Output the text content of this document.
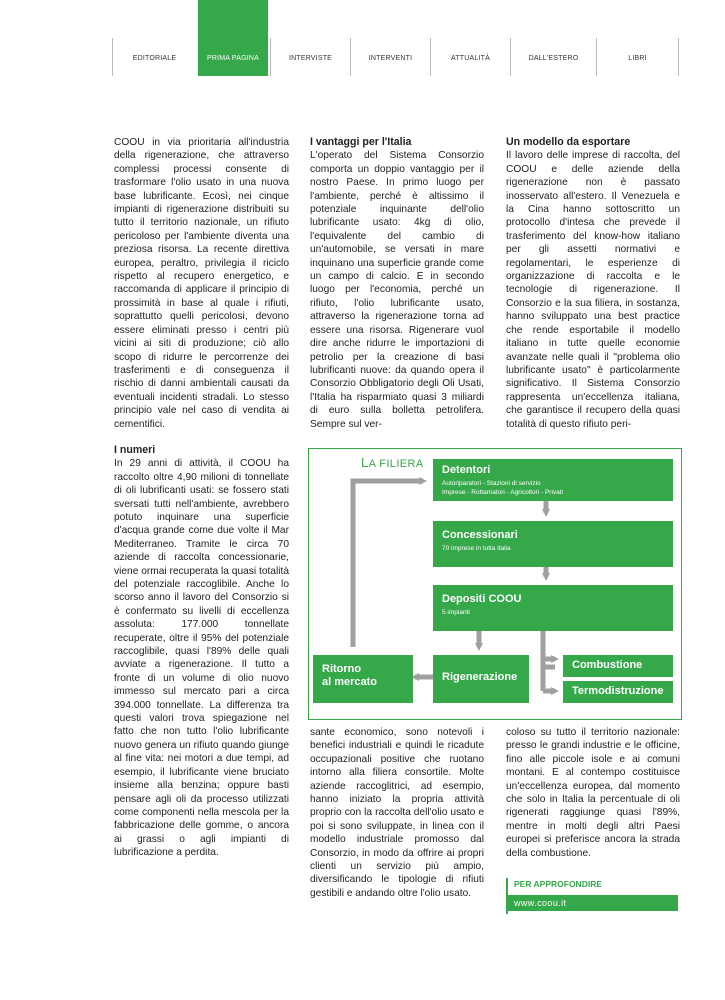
EDITORIALE	PRIMA PAGINA	INTERVISTE	INTERVENTI	ATTUALITÀ	DALL'ESTERO	LIBRI

COOU in via prioritaria all'industria della rigenerazione, che attraverso complessi processi consente di trasformare l'olio usato in una nuova base lubrificante. Ecosì, nei cinque impianti di rigenerazione distribuiti su tutto il territorio nazionale, un rifiuto pericoloso per l'ambiente diventa una preziosa risorsa. La recente direttiva europea, peraltro, privilegia il riciclo rispetto al recupero energetico, e raccomanda di applicare il principio di prossimità in base al quale i rifiuti, soprattutto quelli pericolosi, devono essere eliminati presso i centri più vicini ai siti di produzione; ciò allo scopo di ridurre le percorrenze dei trasferimenti e di conseguenza il rischio di danni ambientali causati da eventuali incidenti stradali. Lo stesso principio vale nel caso di vendita ai cementifici.

I numeri

In 29 anni di attività, il COOU ha raccolto oltre 4,90 milioni di tonnellate di oli lubrificanti usati: se fossero stati sversati tutti nell'ambiente, avrebbero potuto inquinare una superficie d'acqua grande come due volte il Mar Mediterraneo. Tramite le circa 70 aziende di raccolta concessionarie, viene ormai recuperata la quasi totalità del potenziale raccoglibile. Anche lo scorso anno il lavoro del Consorzio si è confermato su livelli di eccellenza assoluta: 177.000 tonnellate recuperate, oltre il 95% del potenziale raccoglibile, quasi l'89% delle quali avviate a rigenerazione. Il tutto a fronte di un volume di olio nuovo immesso sul mercato pari a circa 394.000 tonnellate. La differenza tra questi valori trova spiegazione nel fatto che non tutto l'olio lubrificante nuovo genera un rifiuto quando giunge al fine vita: nei motori a due tempi, ad esempio, il lubrificante viene bruciato insieme alla benzina; oppure basti pensare agli oli da processo utilizzati come componenti nella mescola per la fabbricazione delle gomme, o ancora ai grassi o agli impianti di lubrificazione a perdita.

I vantaggi per l'Italia

L'operato del Sistema Consorzio comporta un doppio vantaggio per il nostro Paese. In primo luogo per l'ambiente, perché è altissimo il potenziale inquinante dell'olio lubrificante usato: 4kg di olio, l'equivalente del cambio di un'automobile, se versati in mare inquinano una superficie grande come un campo di calcio. E in secondo luogo per l'economia, perché un rifiuto, l'olio lubrificante usato, attraverso la rigenerazione torna ad essere una risorsa. Rigenerare vuol dire anche ridurre le importazioni di petrolio per la creazione di basi lubrificanti nuove: da quando opera il Consorzio Obbligatorio degli Oli Usati, l'Italia ha risparmiato quasi 3 miliardi di euro sulla bolletta petrolifera. Sempre sul ver-

sante economico, sono notevoli i benefici industriali e quindi le ricadute occupazionali positive che ruotano intorno alla filiera consortile. Molte aziende raccoglitrici, ad esempio, hanno iniziato la propria attività proprio con la raccolta dell'olio usato e poi si sono sviluppate, in linea con il modello industriale promosso dal Consorzio, in modo da offrire ai propri clienti un servizio più ampio, diversificando le tipologie di rifiuti gestibili e andando oltre l'olio usato.

Un modello da esportare

Il lavoro delle imprese di raccolta, del COOU e delle aziende della rigenerazione non è passato inosservato all'estero. Il Venezuela e la Cina hanno sottoscritto un protocollo d'intesa che prevede il trasferimento del know-how italiano per gli assetti normativi e regolamentari, le esperienze di organizzazione di raccolta e le tecnologie di rigenerazione. Il Consorzio e la sua filiera, in sostanza, hanno sviluppato una best practice che rende esportabile il modello italiano in tutte quelle economie avanzate nelle quali il "problema olio lubrificante usato" è particolarmente significativo. Il Sistema Consorzio rappresenta un'eccellenza italiana, che garantisce il recupero della quasi totalità di questo rifiuto peri-

coloso su tutto il territorio nazionale: presso le grandi industrie e le officine, fino alle piccole isole e ai comuni montani. E al contempo costituisce un'eccellenza europea, dal momento che solo in Italia la percentuale di oli rigenerati raggiunge quasi l'89%, mentre in molti degli altri Paesi europei si preferisce ancora la strada della combustione.

LA FILIERA Detentori
Autoriparatori - Stazioni di servizio
Imprese - Rottamatori - Agricoltori - Privati
Concessionari
70 imprese in tutta italia
Depositi COOU
5 impianti
Ritorno
al mercato	Rigenerazione
Combustione
Termodistruzione
PER APPROFONDIRE
www.coou.it
